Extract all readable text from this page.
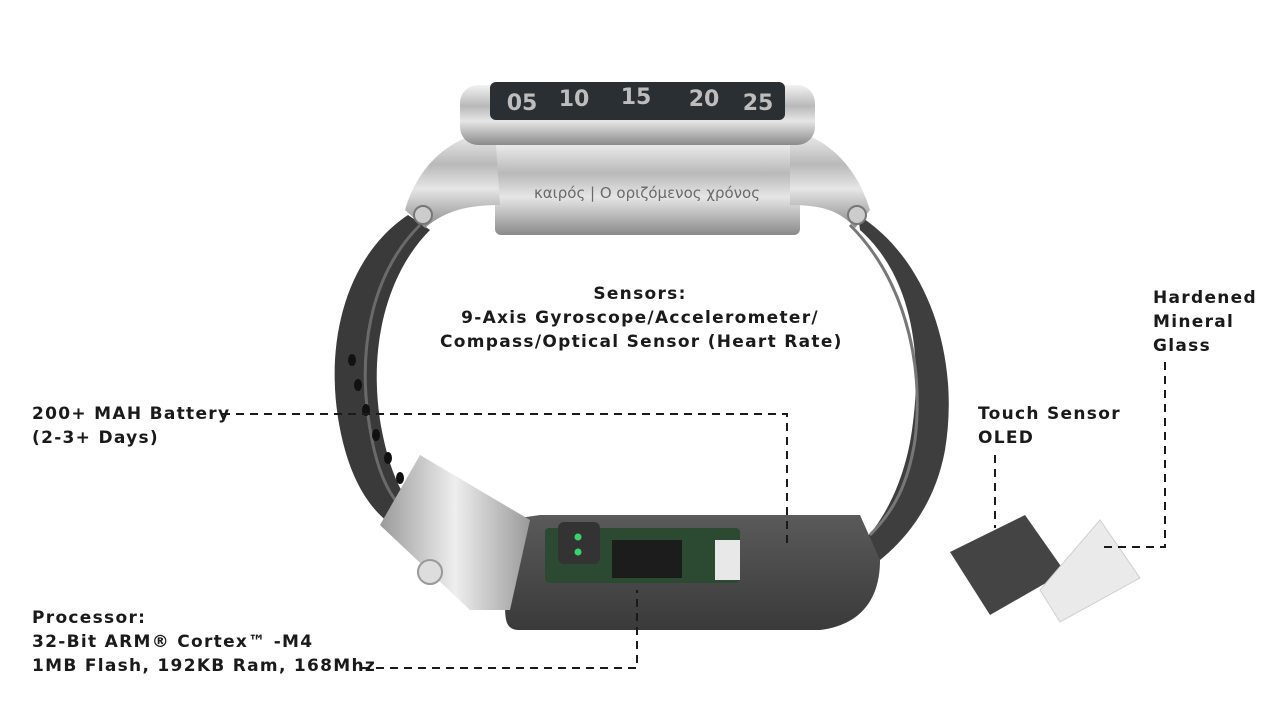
05 10 15 20 25
καιρός | Ο οριζόμενος χρόνος
Sensors:
9-Axis Gyroscope/Accelerometer/
Compass/Optical Sensor (Heart Rate)
200+ MAH Battery
(2-3+ Days)
Processor:
32-Bit ARM® Cortex™ -M4
1MB Flash, 192KB Ram, 168Mhz
Touch Sensor
OLED
Hardened
Mineral
Glass
